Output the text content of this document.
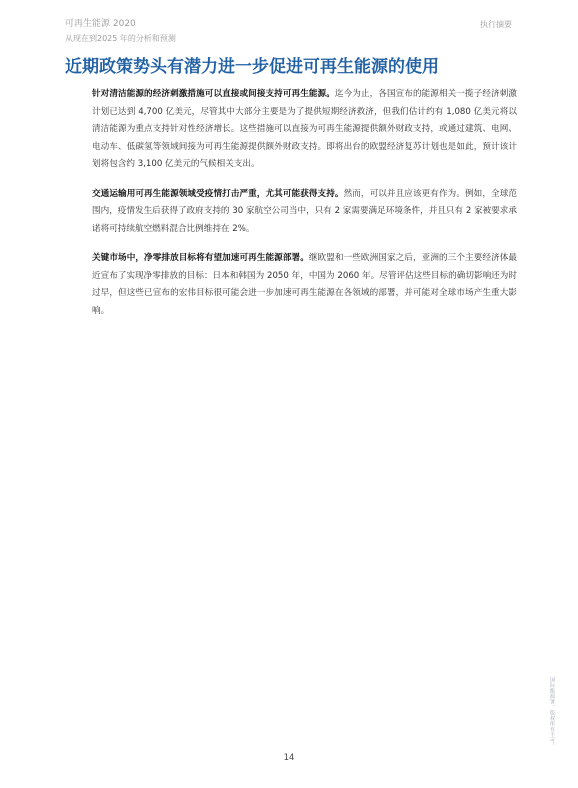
可再生能源 2020
从现在到2025 年的分析和预测
执行摘要
近期政策势头有潜力进一步促进可再生能源的使用

针对清洁能源的经济刺激措施可以直接或间接支持可再生能源。迄今为止，各国宣布的能源相关一揽子经济刺激计划已达到 4,700 亿美元，尽管其中大部分主要是为了提供短期经济救济，但我们估计约有 1,080 亿美元将以清洁能源为重点支持针对性经济增长。这些措施可以直接为可再生能源提供额外财政支持，或通过建筑、电网、电动车、低碳氢等领域间接为可再生能源提供额外财政支持。即将出台的欧盟经济复苏计划也是如此，预计该计划将包含约 3,100 亿美元的气候相关支出。

交通运输用可再生能源领域受疫情打击严重，尤其可能获得支持。然而，可以并且应该更有作为。例如，全球范围内，疫情发生后获得了政府支持的 30 家航空公司当中，只有 2 家需要满足环境条件，并且只有 2 家被要求承诺将可持续航空燃料混合比例维持在 2%。

关键市场中，净零排放目标将有望加速可再生能源部署。继欧盟和一些欧洲国家之后，亚洲的三个主要经济体最近宣布了实现净零排放的目标：日本和韩国为 2050 年，中国为 2060 年。尽管评估这些目标的确切影响还为时过早，但这些已宣布的宏伟目标很可能会进一步加速可再生能源在各领域的部署，并可能对全球市场产生重大影响。

14
国际能源署，版权所有不可。
